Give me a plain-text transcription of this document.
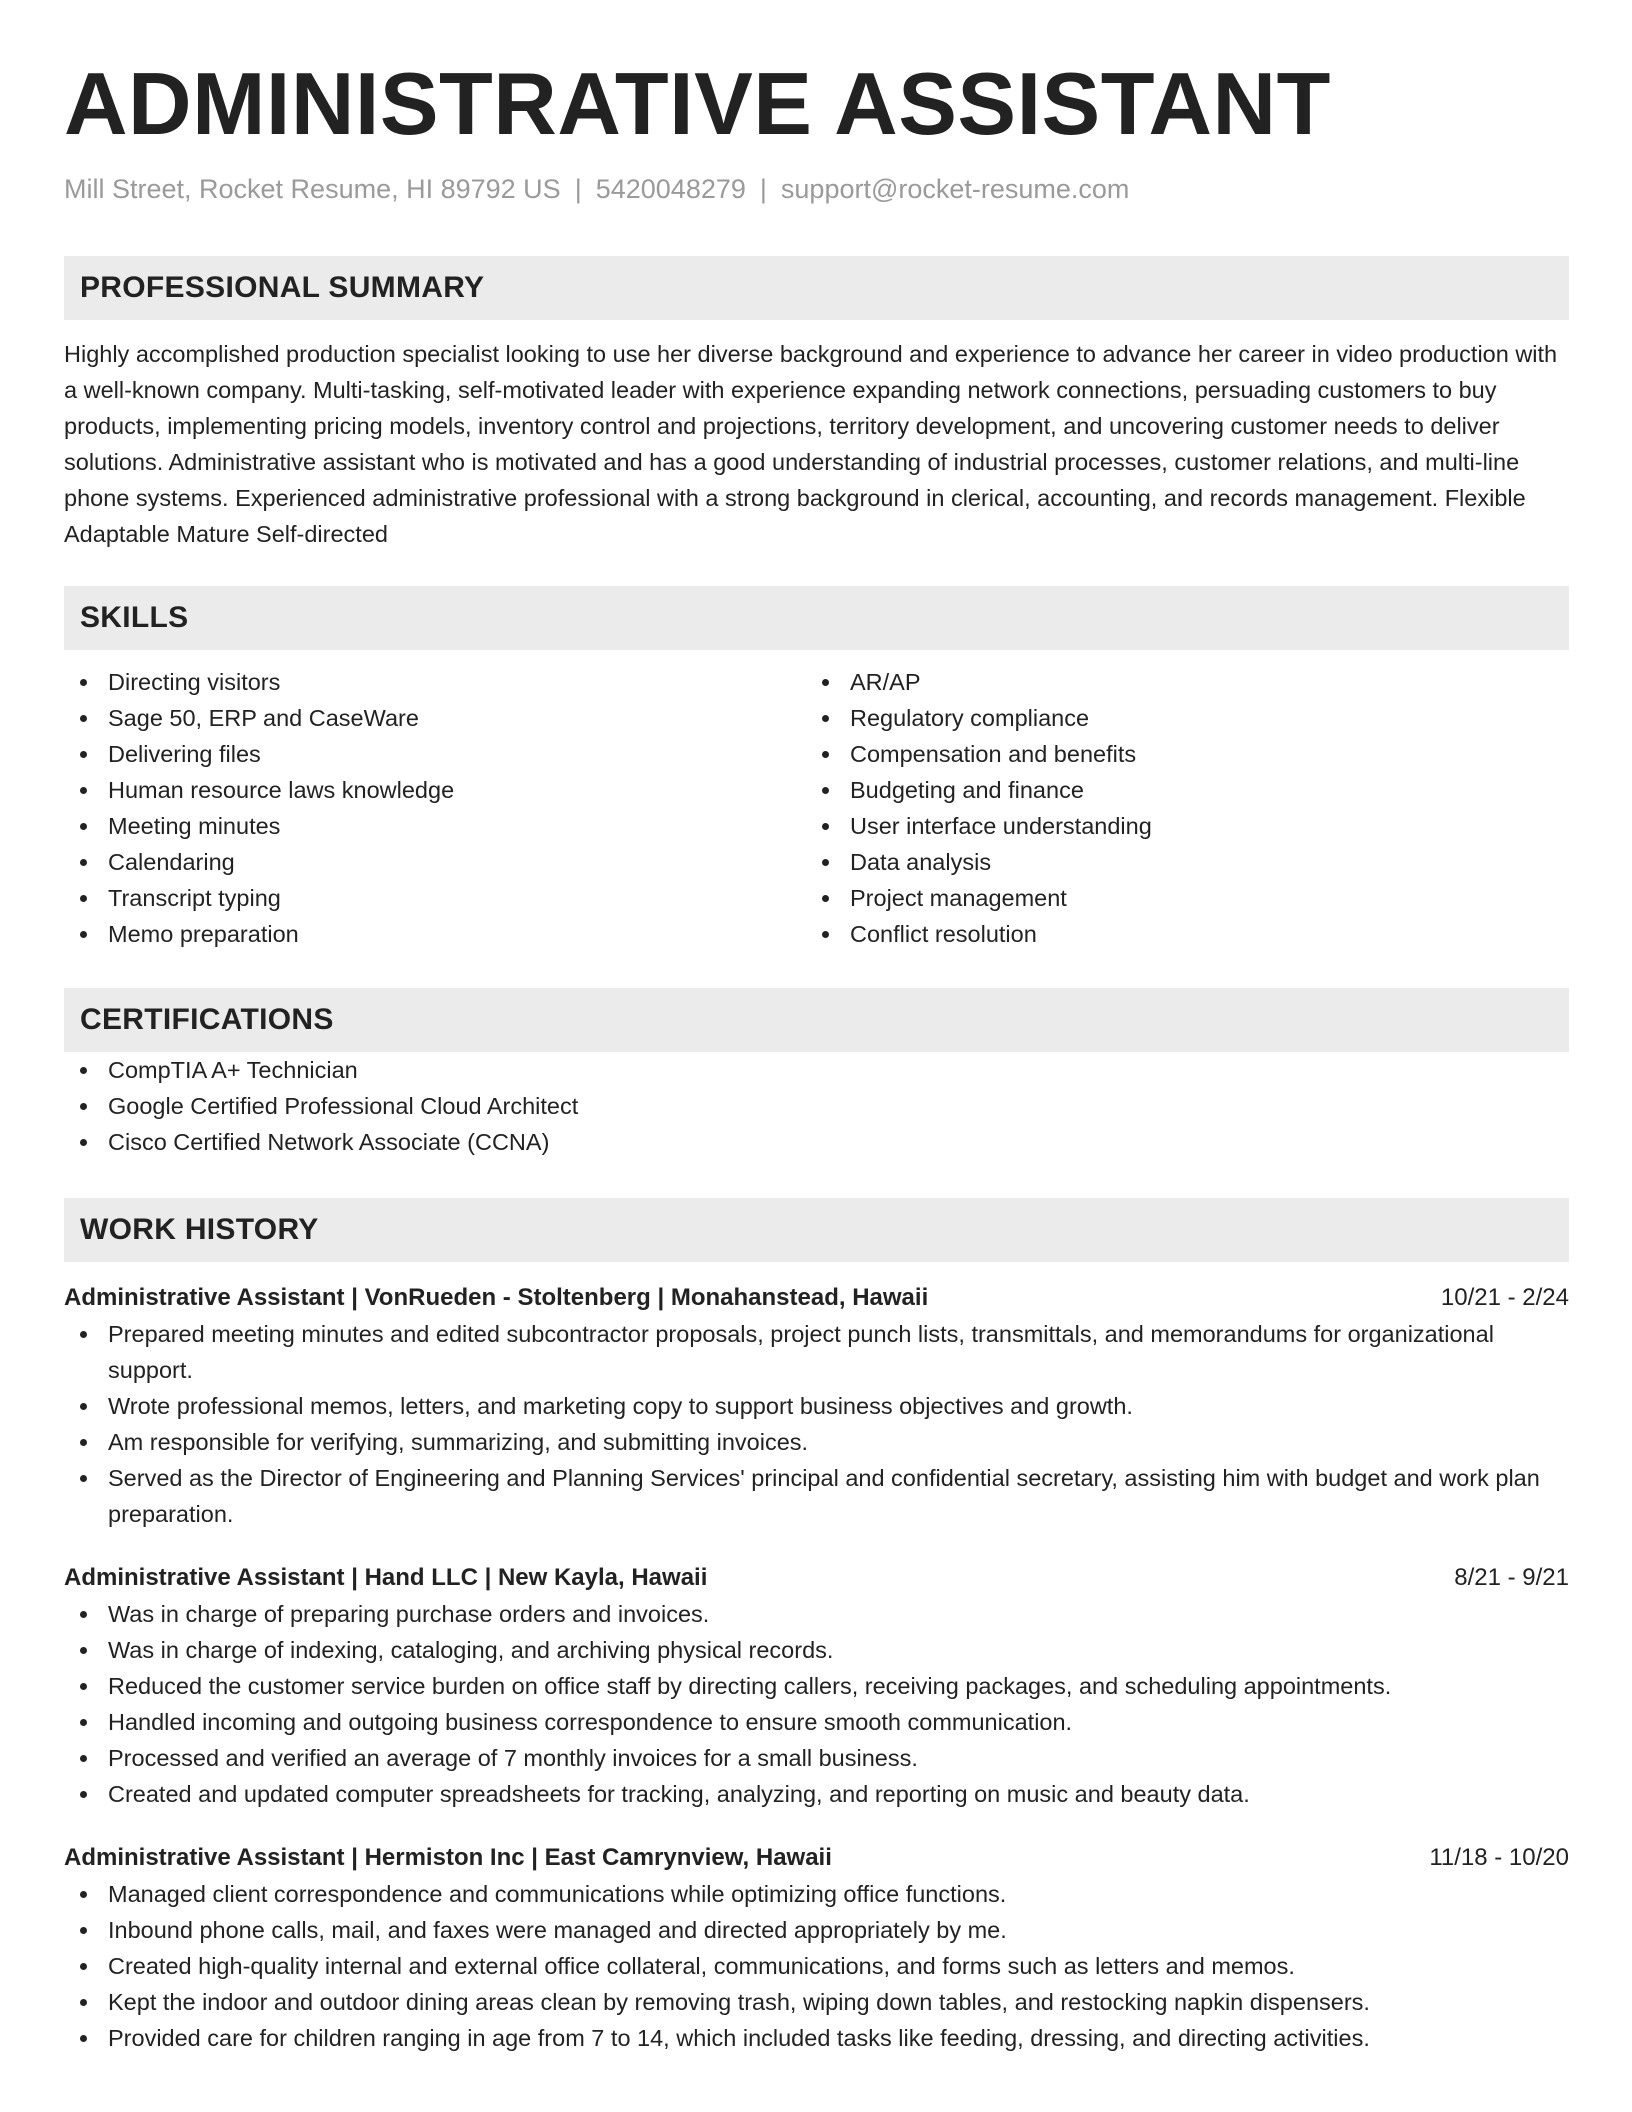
ADMINISTRATIVE ASSISTANT
Mill Street, Rocket Resume, HI 89792 US | 5420048279 | support@rocket-resume.com
PROFESSIONAL SUMMARY

Highly accomplished production specialist looking to use her diverse background and experience to advance her career in video production with a well-known company. Multi-tasking, self-motivated leader with experience expanding network connections, persuading customers to buy products, implementing pricing models, inventory control and projections, territory development, and uncovering customer needs to deliver solutions. Administrative assistant who is motivated and has a good understanding of industrial processes, customer relations, and multi-line phone systems. Experienced administrative professional with a strong background in clerical, accounting, and records management. Flexible Adaptable Mature Self-directed

SKILLS
Directing visitors
Sage 50, ERP and CaseWare
Delivering files
Human resource laws knowledge
Meeting minutes
Calendaring
Transcript typing
Memo preparation
AR/AP
Regulatory compliance
Compensation and benefits
Budgeting and finance
User interface understanding
Data analysis
Project management
Conflict resolution
CERTIFICATIONS
CompTIA A+ Technician
Google Certified Professional Cloud Architect
Cisco Certified Network Associate (CCNA)
WORK HISTORY
Administrative Assistant | VonRueden - Stoltenberg | Monahanstead, Hawaii	10/21 - 2/24
Prepared meeting minutes and edited subcontractor proposals, project punch lists, transmittals, and memorandums for organizational support.
Wrote professional memos, letters, and marketing copy to support business objectives and growth.
Am responsible for verifying, summarizing, and submitting invoices.
Served as the Director of Engineering and Planning Services' principal and confidential secretary, assisting him with budget and work plan preparation.
Administrative Assistant | Hand LLC | New Kayla, Hawaii	8/21 - 9/21
Was in charge of preparing purchase orders and invoices.
Was in charge of indexing, cataloging, and archiving physical records.
Reduced the customer service burden on office staff by directing callers, receiving packages, and scheduling appointments.
Handled incoming and outgoing business correspondence to ensure smooth communication.
Processed and verified an average of 7 monthly invoices for a small business.
Created and updated computer spreadsheets for tracking, analyzing, and reporting on music and beauty data.
Administrative Assistant | Hermiston Inc | East Camrynview, Hawaii	11/18 - 10/20
Managed client correspondence and communications while optimizing office functions.
Inbound phone calls, mail, and faxes were managed and directed appropriately by me.
Created high-quality internal and external office collateral, communications, and forms such as letters and memos.
Kept the indoor and outdoor dining areas clean by removing trash, wiping down tables, and restocking napkin dispensers.
Provided care for children ranging in age from 7 to 14, which included tasks like feeding, dressing, and directing activities.
